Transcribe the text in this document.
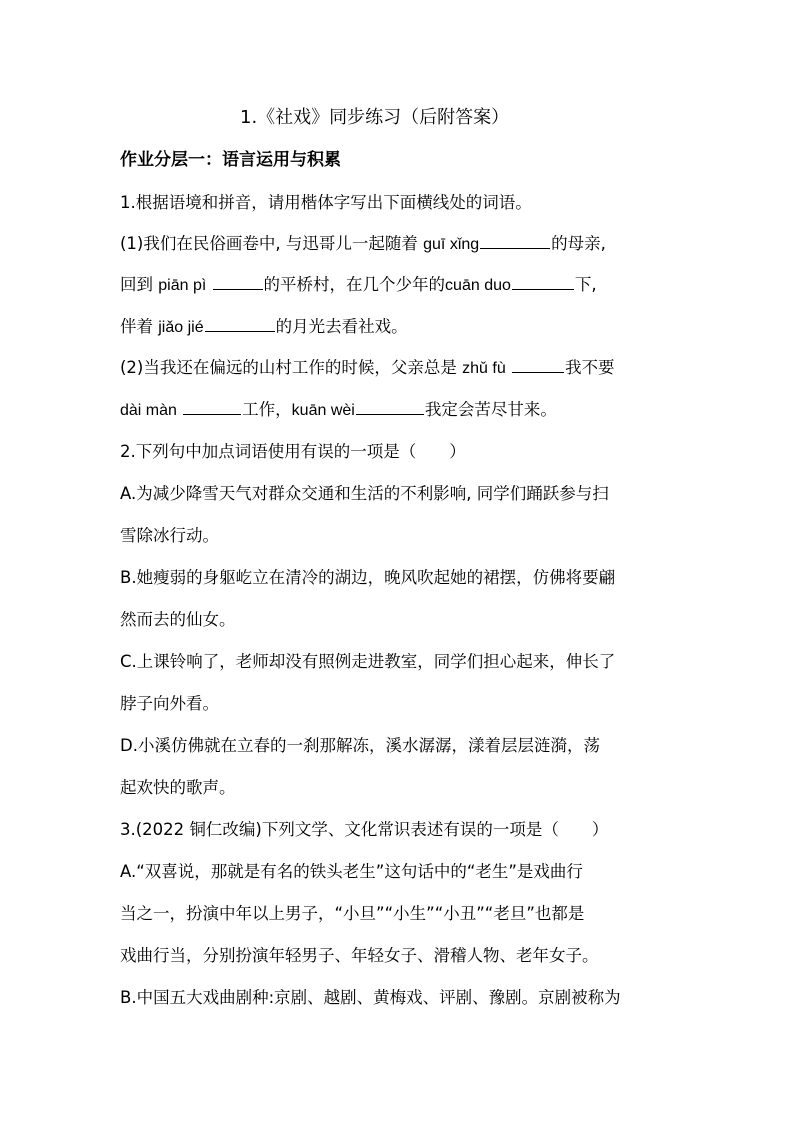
1.《社戏》同步练习（后附答案）
作业分层一：语言运用与积累
1.根据语境和拼音，请用楷体字写出下面横线处的词语。
(1)我们在民俗画卷中, 与迅哥儿一起随着 guī xǐng	的母亲,
回到 piān pì	的平桥村，在几个少年的cuān duo	下,
伴着 jiǎo jié	的月光去看社戏。
(2)当我还在偏远的山村工作的时候，父亲总是 zhǔ fù	我不要
dài màn	工作，kuān wèi	我定会苦尽甘来。
2.下列句中加点词语使用有误的一项是（　　）
A.为减少降雪天气对群众交通和生活的不利影响, 同学们踊跃参与扫
雪除冰行动。
B.她瘦弱的身躯屹立在清冷的湖边，晚风吹起她的裙摆，仿佛将要翩
然而去的仙女。
C.上课铃响了，老师却没有照例走进教室，同学们担心起来，伸长了
脖子向外看。
D.小溪仿佛就在立春的一刹那解冻，溪水潺潺，漾着层层涟漪，荡
起欢快的歌声。
3.(2022 铜仁改编)下列文学、文化常识表述有误的一项是（　　）
A.“双喜说，那就是有名的铁头老生”这句话中的“老生”是戏曲行
当之一，扮演中年以上男子，“小旦”“小生”“小丑”“老旦”也都是
戏曲行当，分别扮演年轻男子、年轻女子、滑稽人物、老年女子。
B.中国五大戏曲剧种:京剧、越剧、黄梅戏、评剧、豫剧。京剧被称为
